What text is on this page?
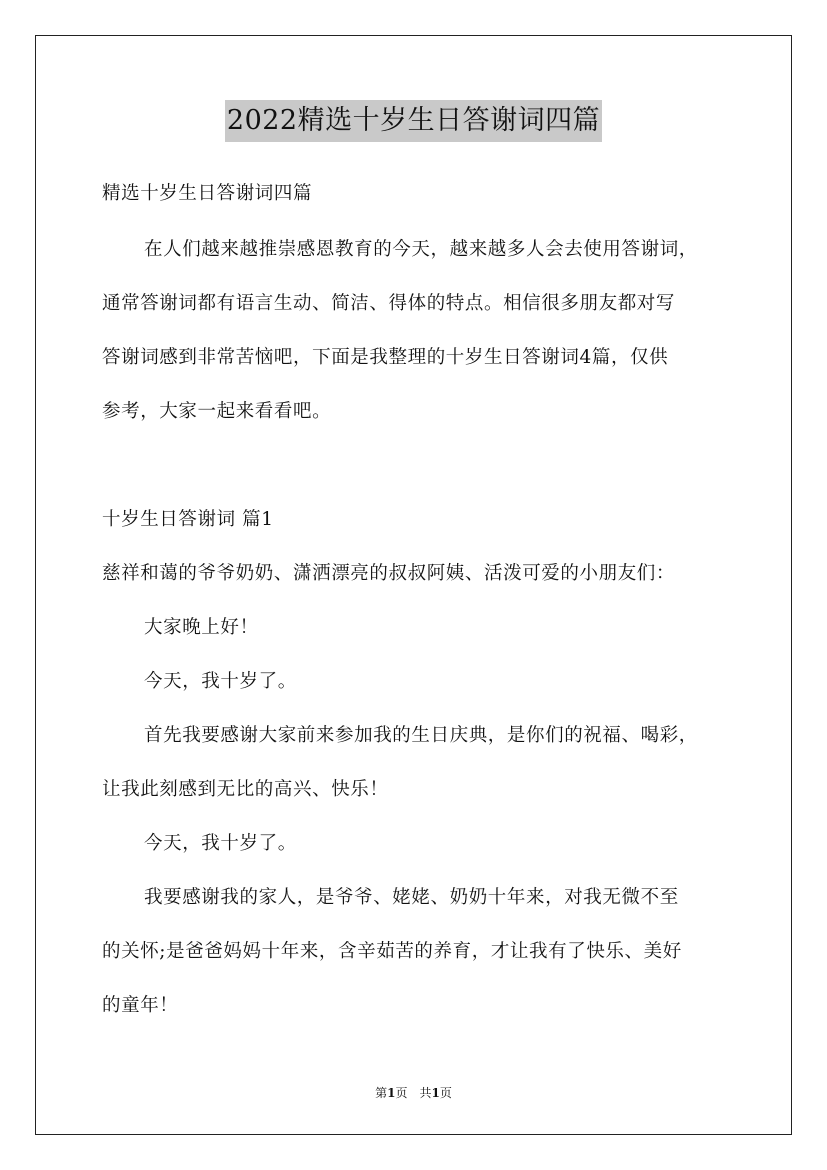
2022精选十岁生日答谢词四篇
精选十岁生日答谢词四篇
在人们越来越推崇感恩教育的今天，越来越多人会去使用答谢词，
通常答谢词都有语言生动、简洁、得体的特点。相信很多朋友都对写
答谢词感到非常苦恼吧，下面是我整理的十岁生日答谢词4篇，仅供
参考，大家一起来看看吧。
十岁生日答谢词 篇1
慈祥和蔼的爷爷奶奶、潇洒漂亮的叔叔阿姨、活泼可爱的小朋友们：
大家晚上好！
今天，我十岁了。
首先我要感谢大家前来参加我的生日庆典，是你们的祝福、喝彩，
让我此刻感到无比的高兴、快乐！
今天，我十岁了。
我要感谢我的家人，是爷爷、姥姥、奶奶十年来，对我无微不至
的关怀;是爸爸妈妈十年来，含辛茹苦的养育，才让我有了快乐、美好
的童年！
第1页　共1页
